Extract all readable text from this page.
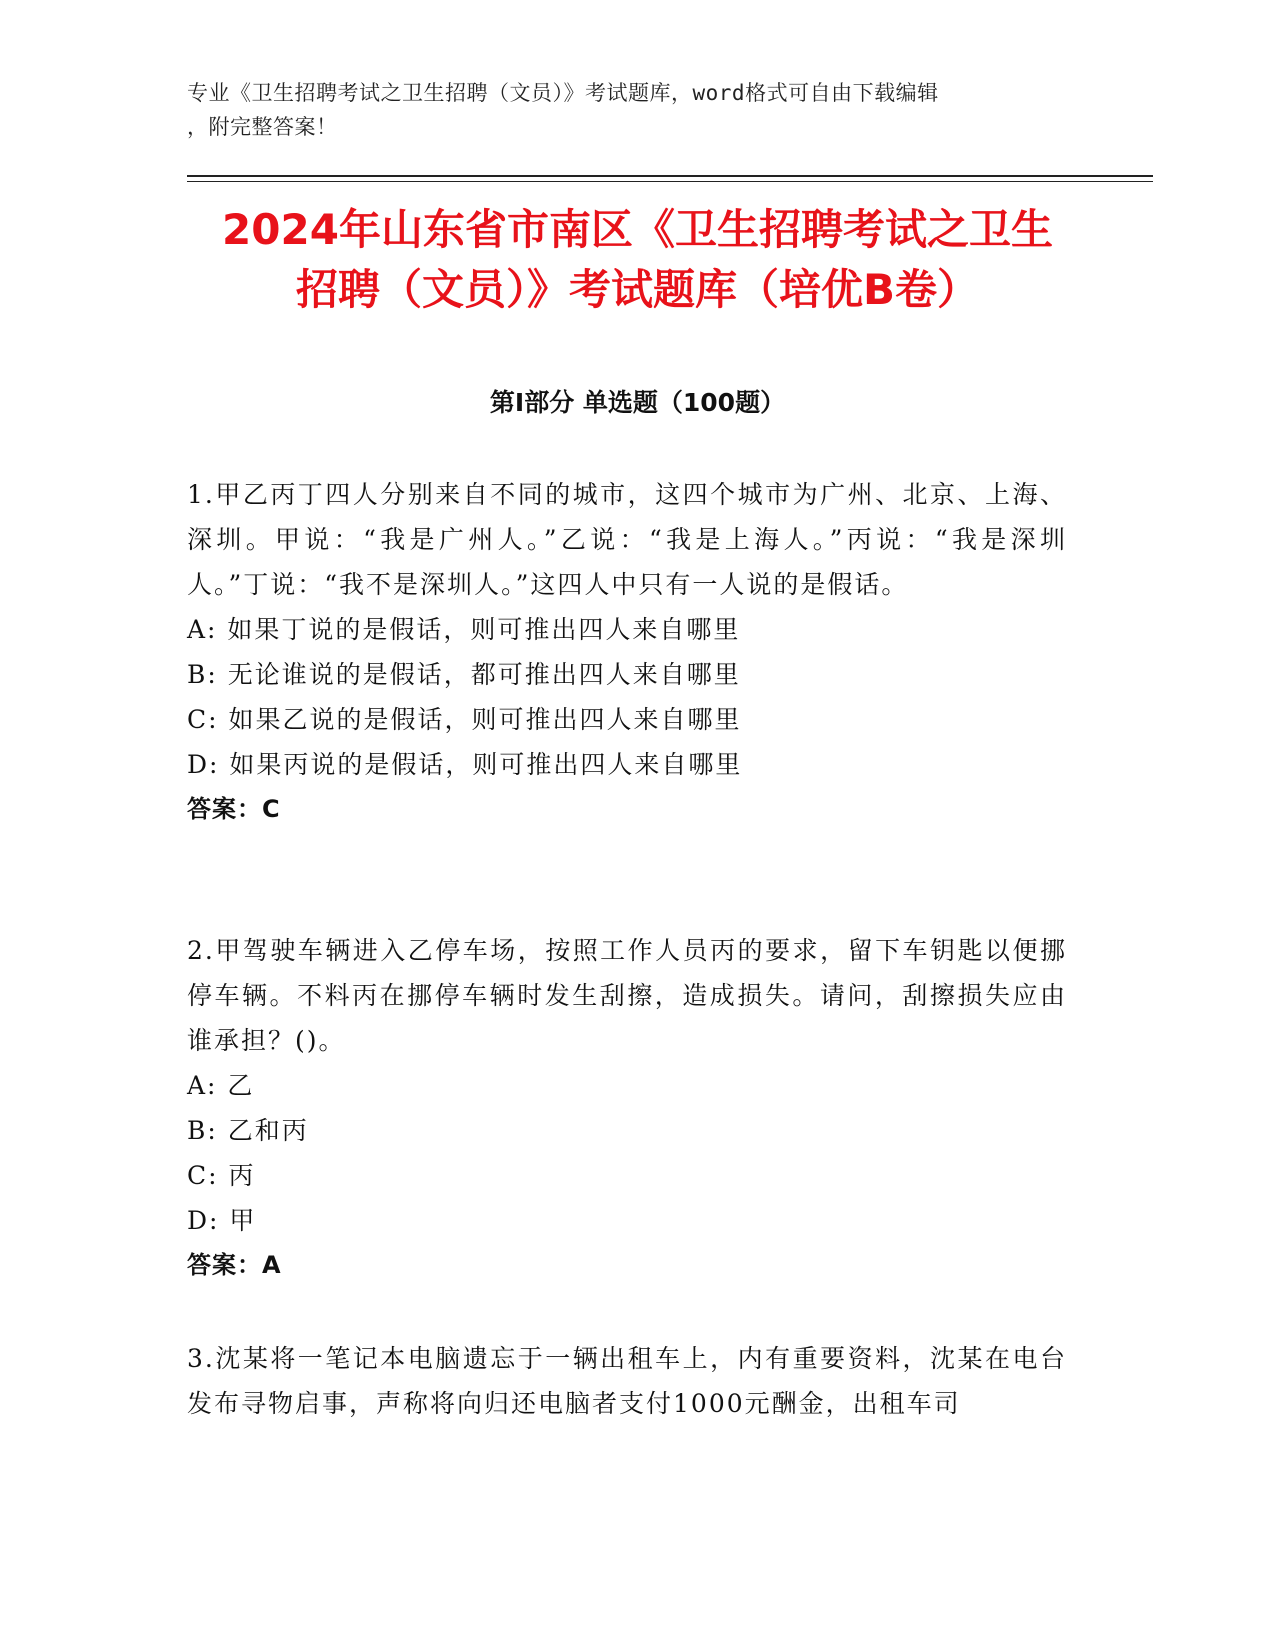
专业《卫生招聘考试之卫生招聘（文员）》考试题库，word格式可自由下载编辑
，附完整答案！
2024年山东省市南区《卫生招聘考试之卫生
招聘（文员）》考试题库（培优B卷）
第Ⅰ部分 单选题（100题）

1.甲乙丙丁四人分别来自不同的城市，这四个城市为广州、北京、上海、深圳。甲说：“我是广州人。”乙说：“我是上海人。”丙说：“我是深圳人。”丁说：“我不是深圳人。”这四人中只有一人说的是假话。

A: 如果丁说的是假话，则可推出四人来自哪里

B: 无论谁说的是假话，都可推出四人来自哪里

C: 如果乙说的是假话，则可推出四人来自哪里

D: 如果丙说的是假话，则可推出四人来自哪里

答案：C

2.甲驾驶车辆进入乙停车场，按照工作人员丙的要求，留下车钥匙以便挪停车辆。不料丙在挪停车辆时发生刮擦，造成损失。请问，刮擦损失应由谁承担？()。

A: 乙

B: 乙和丙

C: 丙

D: 甲

答案：A

3.沈某将一笔记本电脑遗忘于一辆出租车上，内有重要资料，沈某在电台发布寻物启事，声称将向归还电脑者支付1000元酬金，出租车司
